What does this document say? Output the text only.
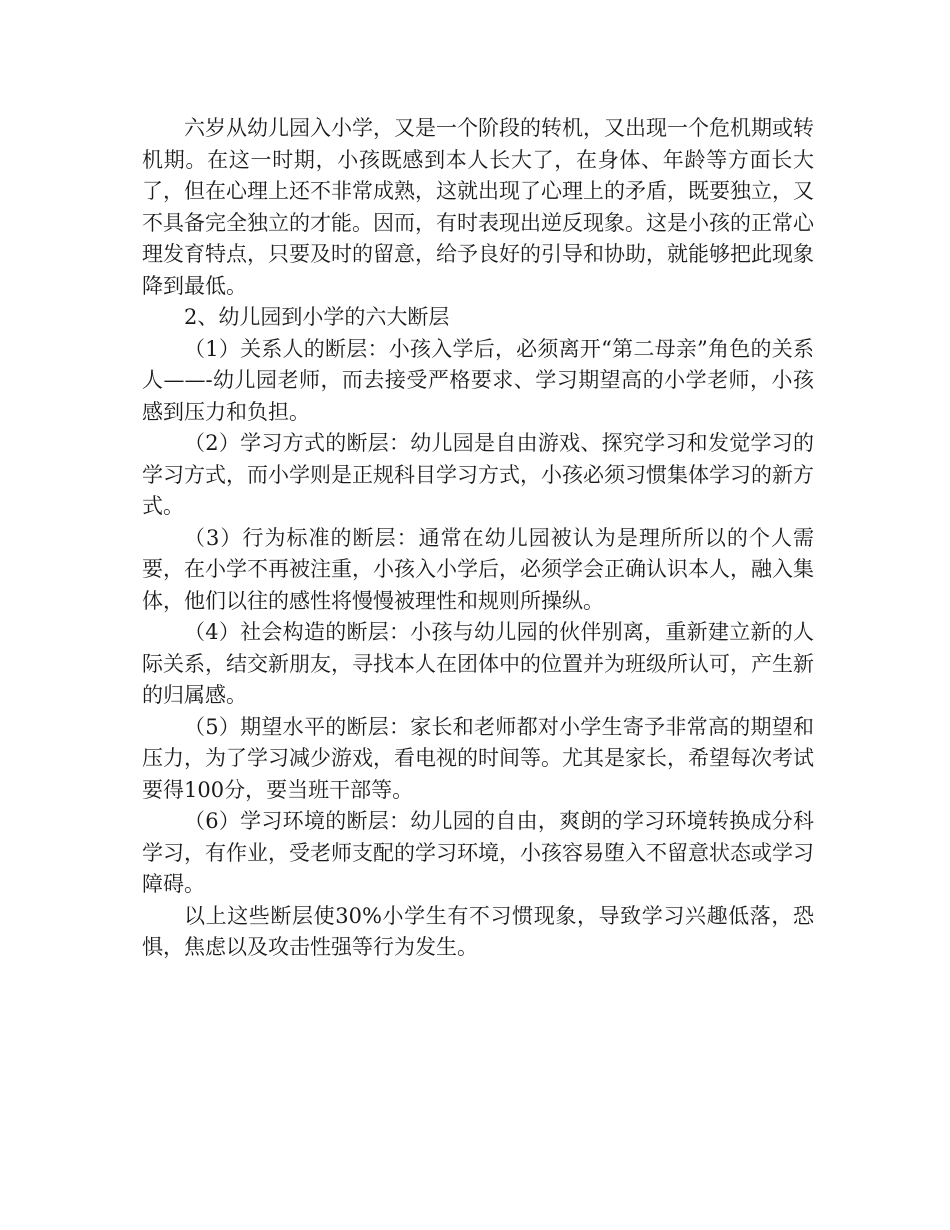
六岁从幼儿园入小学，又是一个阶段的转机，又出现一个危机期或转机期。在这一时期，小孩既感到本人长大了，在身体、年龄等方面长大了，但在心理上还不非常成熟，这就出现了心理上的矛盾，既要独立，又不具备完全独立的才能。因而，有时表现出逆反现象。这是小孩的正常心理发育特点，只要及时的留意，给予良好的引导和协助，就能够把此现象降到最低。

2、幼儿园到小学的六大断层

（1）关系人的断层：小孩入学后，必须离开“第二母亲”角色的关系人——-幼儿园老师，而去接受严格要求、学习期望高的小学老师，小孩感到压力和负担。

（2）学习方式的断层：幼儿园是自由游戏、探究学习和发觉学习的学习方式，而小学则是正规科目学习方式，小孩必须习惯集体学习的新方式。

（3）行为标准的断层：通常在幼儿园被认为是理所所以的个人需要，在小学不再被注重，小孩入小学后，必须学会正确认识本人，融入集体，他们以往的感性将慢慢被理性和规则所操纵。

（4）社会构造的断层：小孩与幼儿园的伙伴别离，重新建立新的人际关系，结交新朋友，寻找本人在团体中的位置并为班级所认可，产生新的归属感。

（5）期望水平的断层：家长和老师都对小学生寄予非常高的期望和压力，为了学习减少游戏，看电视的时间等。尤其是家长，希望每次考试要得100分，要当班干部等。

（6）学习环境的断层：幼儿园的自由，爽朗的学习环境转换成分科学习，有作业，受老师支配的学习环境，小孩容易堕入不留意状态或学习障碍。

以上这些断层使30%小学生有不习惯现象，导致学习兴趣低落，恐惧，焦虑以及攻击性强等行为发生。
